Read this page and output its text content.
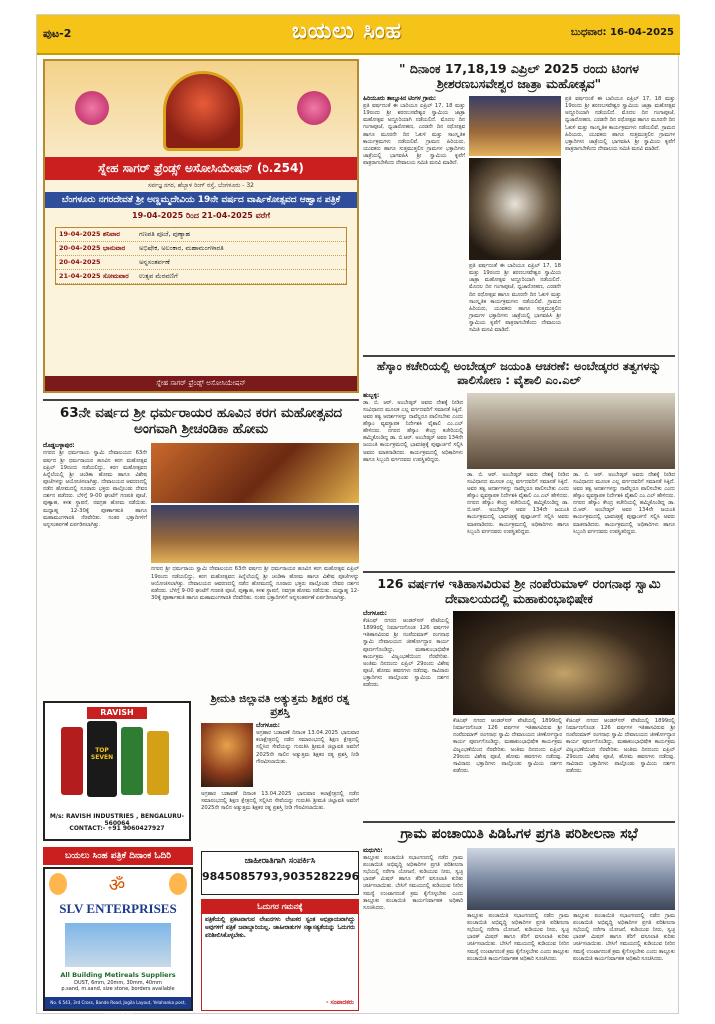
ಪುಟ-2	ಬಯಲು ಸಿಂಹ	ಬುಧವಾರ: 16-04-2025
ಸ್ನೇಹ ಸಾಗರ್ ಫ್ರೆಂಡ್ಸ್ ಅಸೋಸಿಯೇಷನ್ (ರಿ.254)
ಸರ್ವಜ್ಞ ನಗರ, ಹೆಬ್ಬಾಳ ರಿಂಗ್ ರಸ್ತೆ, ಬೆಂಗಳೂರು - 32
ಬೆಂಗಳೂರು ನಗರದೇವತೆ ಶ್ರೀ ಅಣ್ಣಮ್ಮದೇವಿಯ 19ನೇ ವರ್ಷದ ವಾರ್ಷಿಕೋತ್ಸವದ ಆಹ್ವಾನ ಪತ್ರಿಕೆ
19-04-2025 ರಿಂದ 21-04-2025 ವರೆಗೆ
19-04-2025 ಶನಿವಾರ	ಗಣಪತಿ ಪೂಜೆ, ಪುಣ್ಯಾಹ
20-04-2025 ಭಾನುವಾರ	ಅಭಿಷೇಕ, ಅಲಂಕಾರ, ಮಹಾಮಂಗಳಾರತಿ
20-04-2025	ಅನ್ನಸಂತರ್ಪಣೆ
21-04-2025 ಸೋಮವಾರ	ಉತ್ಸವ ಮೆರವಣಿಗೆ
ಸ್ನೇಹ ಸಾಗರ್ ಫ್ರೆಂಡ್ಸ್ ಅಸೋಸಿಯೇಷನ್
63ನೇ ವರ್ಷದ ಶ್ರೀ ಧರ್ಮರಾಯರ ಹೂವಿನ ಕರಗ ಮಹೋತ್ಸವದ ಅಂಗವಾಗಿ ಶ್ರೀಚಂಡಿಕಾ ಹೋಮ
ದೊಡ್ಡಬಳ್ಳಾಪುರ:
ನಗರದ ಶ್ರೀ ಧರ್ಮರಾಯ ಸ್ವಾಮಿ ದೇವಾಲಯದ 63ನೇ ವರ್ಷದ ಶ್ರೀ ಧರ್ಮರಾಯರ ಹೂವಿನ ಕರಗ ಮಹೋತ್ಸವ ಏಪ್ರಿಲ್ 19ರಂದು ನಡೆಯಲಿದ್ದು, ಕರಗ ಮಹೋತ್ಸವದ ಹಿನ್ನೆಲೆಯಲ್ಲಿ ಶ್ರೀ ಚಂಡಿಕಾ ಹೋಮ ಹಾಗೂ ವಿಶೇಷ ಪೂಜೆಗಳನ್ನು ಆಯೋಜಿಸಲಾಗಿತ್ತು. ದೇವಾಲಯದ ಆವರಣದಲ್ಲಿ ನಡೆದ ಹೋಮದಲ್ಲಿ ನೂರಾರು ಭಕ್ತರು ಪಾಲ್ಗೊಂಡು ದೇವರ ದರ್ಶನ ಪಡೆದರು. ಬೆಳಿಗ್ಗೆ 9-00 ಘಂಟೆಗೆ ಗಣಪತಿ ಪೂಜೆ, ಪುಣ್ಯಾಹ, ಕಳಶ ಸ್ಥಾಪನೆ, ನವಗ್ರಹ ಹೋಮ ನಡೆಯಿತು. ಮಧ್ಯಾಹ್ನ 12-30ಕ್ಕೆ ಪೂರ್ಣಾಹುತಿ ಹಾಗೂ ಮಹಾಮಂಗಳಾರತಿ ನೆರವೇರಿತು. ನಂತರ ಭಕ್ತಾದಿಗಳಿಗೆ ಅನ್ನಸಂತರ್ಪಣೆ ಏರ್ಪಡಿಸಲಾಗಿತ್ತು.
ನಗರದ ಶ್ರೀ ಧರ್ಮರಾಯ ಸ್ವಾಮಿ ದೇವಾಲಯದ 63ನೇ ವರ್ಷದ ಶ್ರೀ ಧರ್ಮರಾಯರ ಹೂವಿನ ಕರಗ ಮಹೋತ್ಸವ ಏಪ್ರಿಲ್ 19ರಂದು ನಡೆಯಲಿದ್ದು, ಕರಗ ಮಹೋತ್ಸವದ ಹಿನ್ನೆಲೆಯಲ್ಲಿ ಶ್ರೀ ಚಂಡಿಕಾ ಹೋಮ ಹಾಗೂ ವಿಶೇಷ ಪೂಜೆಗಳನ್ನು ಆಯೋಜಿಸಲಾಗಿತ್ತು. ದೇವಾಲಯದ ಆವರಣದಲ್ಲಿ ನಡೆದ ಹೋಮದಲ್ಲಿ ನೂರಾರು ಭಕ್ತರು ಪಾಲ್ಗೊಂಡು ದೇವರ ದರ್ಶನ ಪಡೆದರು. ಬೆಳಿಗ್ಗೆ 9-00 ಘಂಟೆಗೆ ಗಣಪತಿ ಪೂಜೆ, ಪುಣ್ಯಾಹ, ಕಳಶ ಸ್ಥಾಪನೆ, ನವಗ್ರಹ ಹೋಮ ನಡೆಯಿತು. ಮಧ್ಯಾಹ್ನ 12-30ಕ್ಕೆ ಪೂರ್ಣಾಹುತಿ ಹಾಗೂ ಮಹಾಮಂಗಳಾರತಿ ನೆರವೇರಿತು. ನಂತರ ಭಕ್ತಾದಿಗಳಿಗೆ ಅನ್ನಸಂತರ್ಪಣೆ ಏರ್ಪಡಿಸಲಾಗಿತ್ತು.
" ದಿನಾಂಕ 17,18,19 ಎಪ್ರಿಲ್ 2025 ರಂದು ಟಿಂಗಳ ಶ್ರೀಶರಣಬಸವೇಶ್ವರ ಜಾತ್ರಾ ಮಹೋತ್ಸವ"
ಹಿರಿಯೂರು ತಾಲ್ಲೂಕಿನ ಟಿಂಗಳ ಗ್ರಾಮ:
ಪ್ರತಿ ವರ್ಷದಂತೆ ಈ ಬಾರಿಯೂ ಏಪ್ರಿಲ್ 17, 18 ಮತ್ತು 19ರಂದು ಶ್ರೀ ಶರಣಬಸವೇಶ್ವರ ಸ್ವಾಮಿಯ ಜಾತ್ರಾ ಮಹೋತ್ಸವ ಅದ್ದೂರಿಯಾಗಿ ನಡೆಯಲಿದೆ. ಮೊದಲ ದಿನ ಗಂಗಾಪೂಜೆ, ಧ್ವಜಾರೋಹಣ, ಎರಡನೇ ದಿನ ರಥೋತ್ಸವ ಹಾಗೂ ಮೂರನೇ ದಿನ ಓಕುಳಿ ಮತ್ತು ಸಾಂಸ್ಕೃತಿಕ ಕಾರ್ಯಕ್ರಮಗಳು ನಡೆಯಲಿವೆ. ಗ್ರಾಮದ ಹಿರಿಯರು, ಯುವಕರು ಹಾಗೂ ಸುತ್ತಮುತ್ತಲಿನ ಗ್ರಾಮಗಳ ಭಕ್ತಾದಿಗಳು ಜಾತ್ರೆಯಲ್ಲಿ ಭಾಗವಹಿಸಿ ಶ್ರೀ ಸ್ವಾಮಿಯ ಕೃಪೆಗೆ ಪಾತ್ರರಾಗಬೇಕೆಂದು ದೇವಾಲಯ ಸಮಿತಿ ಮನವಿ ಮಾಡಿದೆ.
ಪ್ರತಿ ವರ್ಷದಂತೆ ಈ ಬಾರಿಯೂ ಏಪ್ರಿಲ್ 17, 18 ಮತ್ತು 19ರಂದು ಶ್ರೀ ಶರಣಬಸವೇಶ್ವರ ಸ್ವಾಮಿಯ ಜಾತ್ರಾ ಮಹೋತ್ಸವ ಅದ್ದೂರಿಯಾಗಿ ನಡೆಯಲಿದೆ. ಮೊದಲ ದಿನ ಗಂಗಾಪೂಜೆ, ಧ್ವಜಾರೋಹಣ, ಎರಡನೇ ದಿನ ರಥೋತ್ಸವ ಹಾಗೂ ಮೂರನೇ ದಿನ ಓಕುಳಿ ಮತ್ತು ಸಾಂಸ್ಕೃತಿಕ ಕಾರ್ಯಕ್ರಮಗಳು ನಡೆಯಲಿವೆ. ಗ್ರಾಮದ ಹಿರಿಯರು, ಯುವಕರು ಹಾಗೂ ಸುತ್ತಮುತ್ತಲಿನ ಗ್ರಾಮಗಳ ಭಕ್ತಾದಿಗಳು ಜಾತ್ರೆಯಲ್ಲಿ ಭಾಗವಹಿಸಿ ಶ್ರೀ ಸ್ವಾಮಿಯ ಕೃಪೆಗೆ ಪಾತ್ರರಾಗಬೇಕೆಂದು ದೇವಾಲಯ ಸಮಿತಿ ಮನವಿ ಮಾಡಿದೆ.
ಪ್ರತಿ ವರ್ಷದಂತೆ ಈ ಬಾರಿಯೂ ಏಪ್ರಿಲ್ 17, 18 ಮತ್ತು 19ರಂದು ಶ್ರೀ ಶರಣಬಸವೇಶ್ವರ ಸ್ವಾಮಿಯ ಜಾತ್ರಾ ಮಹೋತ್ಸವ ಅದ್ದೂರಿಯಾಗಿ ನಡೆಯಲಿದೆ. ಮೊದಲ ದಿನ ಗಂಗಾಪೂಜೆ, ಧ್ವಜಾರೋಹಣ, ಎರಡನೇ ದಿನ ರಥೋತ್ಸವ ಹಾಗೂ ಮೂರನೇ ದಿನ ಓಕುಳಿ ಮತ್ತು ಸಾಂಸ್ಕೃತಿಕ ಕಾರ್ಯಕ್ರಮಗಳು ನಡೆಯಲಿವೆ. ಗ್ರಾಮದ ಹಿರಿಯರು, ಯುವಕರು ಹಾಗೂ ಸುತ್ತಮುತ್ತಲಿನ ಗ್ರಾಮಗಳ ಭಕ್ತಾದಿಗಳು ಜಾತ್ರೆಯಲ್ಲಿ ಭಾಗವಹಿಸಿ ಶ್ರೀ ಸ್ವಾಮಿಯ ಕೃಪೆಗೆ ಪಾತ್ರರಾಗಬೇಕೆಂದು ದೇವಾಲಯ ಸಮಿತಿ ಮನವಿ ಮಾಡಿದೆ.
ಹೆಸ್ಕಾಂ ಕಚೇರಿಯಲ್ಲಿ ಅಂಬೇಡ್ಕರ್ ಜಯಂತಿ ಆಚರಣೆ: ಅಂಬೇಡ್ಕರರ ತತ್ವಗಳನ್ನು ಪಾಲಿಸೋಣ : ವೈಶಾಲಿ ಎಂ.ಎಲ್
ಹುಬ್ಬಳ್ಳಿ:
ಡಾ. ಬಿ. ಆರ್. ಅಂಬೇಡ್ಕರ್ ಅವರು ದೇಶಕ್ಕೆ ನೀಡಿದ ಸಂವಿಧಾನದ ಮೂಲಕ ಎಲ್ಲ ವರ್ಗದವರಿಗೆ ಸಮಾನತೆ ಸಿಕ್ಕಿದೆ. ಅವರ ತತ್ವ ಆದರ್ಶಗಳನ್ನು ನಾವೆಲ್ಲರೂ ಪಾಲಿಸಬೇಕು ಎಂದು ಹೆಸ್ಕಾಂ ವ್ಯವಸ್ಥಾಪಕ ನಿರ್ದೇಶಕಿ ವೈಶಾಲಿ ಎಂ.ಎಲ್ ಹೇಳಿದರು. ನಗರದ ಹೆಸ್ಕಾಂ ಕೇಂದ್ರ ಕಚೇರಿಯಲ್ಲಿ ಹಮ್ಮಿಕೊಂಡಿದ್ದ ಡಾ. ಬಿ.ಆರ್. ಅಂಬೇಡ್ಕರ್ ಅವರ 134ನೇ ಜಯಂತಿ ಕಾರ್ಯಕ್ರಮದಲ್ಲಿ ಭಾವಚಿತ್ರಕ್ಕೆ ಪುಷ್ಪಾರ್ಚನೆ ಸಲ್ಲಿಸಿ ಅವರು ಮಾತನಾಡಿದರು. ಕಾರ್ಯಕ್ರಮದಲ್ಲಿ ಅಧಿಕಾರಿಗಳು ಹಾಗೂ ಸಿಬ್ಬಂದಿ ವರ್ಗದವರು ಉಪಸ್ಥಿತರಿದ್ದರು.
ಡಾ. ಬಿ. ಆರ್. ಅಂಬೇಡ್ಕರ್ ಅವರು ದೇಶಕ್ಕೆ ನೀಡಿದ ಸಂವಿಧಾನದ ಮೂಲಕ ಎಲ್ಲ ವರ್ಗದವರಿಗೆ ಸಮಾನತೆ ಸಿಕ್ಕಿದೆ. ಅವರ ತತ್ವ ಆದರ್ಶಗಳನ್ನು ನಾವೆಲ್ಲರೂ ಪಾಲಿಸಬೇಕು ಎಂದು ಹೆಸ್ಕಾಂ ವ್ಯವಸ್ಥಾಪಕ ನಿರ್ದೇಶಕಿ ವೈಶಾಲಿ ಎಂ.ಎಲ್ ಹೇಳಿದರು. ನಗರದ ಹೆಸ್ಕಾಂ ಕೇಂದ್ರ ಕಚೇರಿಯಲ್ಲಿ ಹಮ್ಮಿಕೊಂಡಿದ್ದ ಡಾ. ಬಿ.ಆರ್. ಅಂಬೇಡ್ಕರ್ ಅವರ 134ನೇ ಜಯಂತಿ ಕಾರ್ಯಕ್ರಮದಲ್ಲಿ ಭಾವಚಿತ್ರಕ್ಕೆ ಪುಷ್ಪಾರ್ಚನೆ ಸಲ್ಲಿಸಿ ಅವರು ಮಾತನಾಡಿದರು. ಕಾರ್ಯಕ್ರಮದಲ್ಲಿ ಅಧಿಕಾರಿಗಳು ಹಾಗೂ ಸಿಬ್ಬಂದಿ ವರ್ಗದವರು ಉಪಸ್ಥಿತರಿದ್ದರು.
ಡಾ. ಬಿ. ಆರ್. ಅಂಬೇಡ್ಕರ್ ಅವರು ದೇಶಕ್ಕೆ ನೀಡಿದ ಸಂವಿಧಾನದ ಮೂಲಕ ಎಲ್ಲ ವರ್ಗದವರಿಗೆ ಸಮಾನತೆ ಸಿಕ್ಕಿದೆ. ಅವರ ತತ್ವ ಆದರ್ಶಗಳನ್ನು ನಾವೆಲ್ಲರೂ ಪಾಲಿಸಬೇಕು ಎಂದು ಹೆಸ್ಕಾಂ ವ್ಯವಸ್ಥಾಪಕ ನಿರ್ದೇಶಕಿ ವೈಶಾಲಿ ಎಂ.ಎಲ್ ಹೇಳಿದರು. ನಗರದ ಹೆಸ್ಕಾಂ ಕೇಂದ್ರ ಕಚೇರಿಯಲ್ಲಿ ಹಮ್ಮಿಕೊಂಡಿದ್ದ ಡಾ. ಬಿ.ಆರ್. ಅಂಬೇಡ್ಕರ್ ಅವರ 134ನೇ ಜಯಂತಿ ಕಾರ್ಯಕ್ರಮದಲ್ಲಿ ಭಾವಚಿತ್ರಕ್ಕೆ ಪುಷ್ಪಾರ್ಚನೆ ಸಲ್ಲಿಸಿ ಅವರು ಮಾತನಾಡಿದರು. ಕಾರ್ಯಕ್ರಮದಲ್ಲಿ ಅಧಿಕಾರಿಗಳು ಹಾಗೂ ಸಿಬ್ಬಂದಿ ವರ್ಗದವರು ಉಪಸ್ಥಿತರಿದ್ದರು.
126 ವರ್ಷಗಳ ಇತಿಹಾಸವಿರುವ ಶ್ರೀ ನಂಪೆರುಮಾಳ್ ರಂಗನಾಥ ಸ್ವಾಮಿ ದೇವಾಲಯದಲ್ಲಿ ಮಹಾಕುಂಭಾಭಿಷೇಕ
ಬೆಂಗಳೂರು:
ಕೆಜಿಎಫ್ ನಗರದ ಆಂಡರ್‌ಸನ್ ಪೇಟೆಯಲ್ಲಿ 1899ರಲ್ಲಿ ನಿರ್ಮಾಣಗೊಂಡ 126 ವರ್ಷಗಳ ಇತಿಹಾಸವಿರುವ ಶ್ರೀ ನಂಪೆರುಮಾಳ್ ರಂಗನಾಥ ಸ್ವಾಮಿ ದೇವಾಲಯದ ಜೀರ್ಣೋದ್ಧಾರ ಕಾರ್ಯ ಪೂರ್ಣಗೊಂಡಿದ್ದು, ಮಹಾಕುಂಭಾಭಿಷೇಕ ಕಾರ್ಯಕ್ರಮ ವಿಜೃಂಭಣೆಯಿಂದ ನೆರವೇರಿತು. ಅಂತಿಮ ದಿನದಂದು ಏಪ್ರಿಲ್ 29ರಂದು ವಿಶೇಷ ಪೂಜೆ, ಹೋಮ ಹವನಗಳು ನಡೆದವು. ಸಾವಿರಾರು ಭಕ್ತಾದಿಗಳು ಪಾಲ್ಗೊಂಡು ಸ್ವಾಮಿಯ ದರ್ಶನ ಪಡೆದರು.
ಕೆಜಿಎಫ್ ನಗರದ ಆಂಡರ್‌ಸನ್ ಪೇಟೆಯಲ್ಲಿ 1899ರಲ್ಲಿ ನಿರ್ಮಾಣಗೊಂಡ 126 ವರ್ಷಗಳ ಇತಿಹಾಸವಿರುವ ಶ್ರೀ ನಂಪೆರುಮಾಳ್ ರಂಗನಾಥ ಸ್ವಾಮಿ ದೇವಾಲಯದ ಜೀರ್ಣೋದ್ಧಾರ ಕಾರ್ಯ ಪೂರ್ಣಗೊಂಡಿದ್ದು, ಮಹಾಕುಂಭಾಭಿಷೇಕ ಕಾರ್ಯಕ್ರಮ ವಿಜೃಂಭಣೆಯಿಂದ ನೆರವೇರಿತು. ಅಂತಿಮ ದಿನದಂದು ಏಪ್ರಿಲ್ 29ರಂದು ವಿಶೇಷ ಪೂಜೆ, ಹೋಮ ಹವನಗಳು ನಡೆದವು. ಸಾವಿರಾರು ಭಕ್ತಾದಿಗಳು ಪಾಲ್ಗೊಂಡು ಸ್ವಾಮಿಯ ದರ್ಶನ ಪಡೆದರು.
ಕೆಜಿಎಫ್ ನಗರದ ಆಂಡರ್‌ಸನ್ ಪೇಟೆಯಲ್ಲಿ 1899ರಲ್ಲಿ ನಿರ್ಮಾಣಗೊಂಡ 126 ವರ್ಷಗಳ ಇತಿಹಾಸವಿರುವ ಶ್ರೀ ನಂಪೆರುಮಾಳ್ ರಂಗನಾಥ ಸ್ವಾಮಿ ದೇವಾಲಯದ ಜೀರ್ಣೋದ್ಧಾರ ಕಾರ್ಯ ಪೂರ್ಣಗೊಂಡಿದ್ದು, ಮಹಾಕುಂಭಾಭಿಷೇಕ ಕಾರ್ಯಕ್ರಮ ವಿಜೃಂಭಣೆಯಿಂದ ನೆರವೇರಿತು. ಅಂತಿಮ ದಿನದಂದು ಏಪ್ರಿಲ್ 29ರಂದು ವಿಶೇಷ ಪೂಜೆ, ಹೋಮ ಹವನಗಳು ನಡೆದವು. ಸಾವಿರಾರು ಭಕ್ತಾದಿಗಳು ಪಾಲ್ಗೊಂಡು ಸ್ವಾಮಿಯ ದರ್ಶನ ಪಡೆದರು.
ಶ್ರೀಮತಿ ಜಿಲ್ಲಾವತಿ ಅತ್ಯುತ್ತಮ ಶಿಕ್ಷಕರ ರತ್ನ ಪ್ರಶಸ್ತಿ
ಬೆಂಗಳೂರು:
ಅಗ್ರಹಾರ ಬಡಾವಣೆ ದಿನಾಂಕ 13.04.2025 ಭಾನುವಾರ ಕಲಾಕ್ಷೇತ್ರದಲ್ಲಿ ನಡೆದ ಸಮಾರಂಭದಲ್ಲಿ ಶಿಕ್ಷಣ ಕ್ಷೇತ್ರದಲ್ಲಿ ಸಲ್ಲಿಸಿದ ಸೇವೆಯನ್ನು ಗುರುತಿಸಿ ಶ್ರೀಮತಿ ಜಿಲ್ಲಾವತಿ ಅವರಿಗೆ 2025ನೇ ಸಾಲಿನ ಅತ್ಯುತ್ತಮ ಶಿಕ್ಷಕರ ರತ್ನ ಪ್ರಶಸ್ತಿ ನೀಡಿ ಗೌರವಿಸಲಾಯಿತು.
ಅಗ್ರಹಾರ ಬಡಾವಣೆ ದಿನಾಂಕ 13.04.2025 ಭಾನುವಾರ ಕಲಾಕ್ಷೇತ್ರದಲ್ಲಿ ನಡೆದ ಸಮಾರಂಭದಲ್ಲಿ ಶಿಕ್ಷಣ ಕ್ಷೇತ್ರದಲ್ಲಿ ಸಲ್ಲಿಸಿದ ಸೇವೆಯನ್ನು ಗುರುತಿಸಿ ಶ್ರೀಮತಿ ಜಿಲ್ಲಾವತಿ ಅವರಿಗೆ 2025ನೇ ಸಾಲಿನ ಅತ್ಯುತ್ತಮ ಶಿಕ್ಷಕರ ರತ್ನ ಪ್ರಶಸ್ತಿ ನೀಡಿ ಗೌರವಿಸಲಾಯಿತು.
RAVISH
TOP SEVEN
M/s: RAVISH INDUSTRIES , BENGALURU-560064
CONTACT:- +91 9060427927
ಬಯಲು ಸಿಂಹ ಪತ್ರಿಕೆ ದಿನಾಂಕ ಓದಿರಿ
ॐ
SLV ENTERPRISES
All Building Metireals Suppliers
DUST, 6mm, 20mm, 30mm, 40mm
p.sand, m.sand, size stone, borders available
No. 6 543, 3rd Cross, Bande Road, Jogila Layout, Yelahanka post, Bangalore-64
ಜಾಹೀರಾತಿಗಾಗಿ ಸಂಪರ್ಕಿಸಿ
9845085793,9035282296
ಓದುಗರ ಗಮನಕ್ಕೆ
ಪತ್ರಿಕೆಯಲ್ಲಿ ಪ್ರಕಟವಾಗುವ ಲೇಖನಗಳು ಲೇಖಕರ ಸ್ವಂತ ಅಭಿಪ್ರಾಯವಾಗಿದ್ದು ಅವುಗಳಿಗೆ ಪತ್ರಿಕೆ ಜವಾಬ್ದಾರಿಯಲ್ಲ. ಜಾಹೀರಾತುಗಳ ಸತ್ಯಾಸತ್ಯತೆಯನ್ನು ಓದುಗರು ಪರಿಶೀಲಿಸಿಕೊಳ್ಳಬೇಕು.
- ಸಂಪಾದಕರು
ಗ್ರಾಮ ಪಂಚಾಯಿತಿ ಪಿಡಿಓಗಳ ಪ್ರಗತಿ ಪರಿಶೀಲನಾ ಸಭೆ
ಮಧುಗಿರಿ:
ತಾಲ್ಲೂಕು ಪಂಚಾಯಿತಿ ಸಭಾಂಗಣದಲ್ಲಿ ನಡೆದ ಗ್ರಾಮ ಪಂಚಾಯಿತಿ ಅಭಿವೃದ್ಧಿ ಅಧಿಕಾರಿಗಳ ಪ್ರಗತಿ ಪರಿಶೀಲನಾ ಸಭೆಯಲ್ಲಿ ನರೇಗಾ ಯೋಜನೆ, ಕುಡಿಯುವ ನೀರು, ಸ್ವಚ್ಛ ಭಾರತ್ ಮಿಷನ್ ಹಾಗೂ ತೆರಿಗೆ ವಸೂಲಾತಿ ಕುರಿತು ಚರ್ಚಿಸಲಾಯಿತು. ಬೇಸಿಗೆ ಸಮಯದಲ್ಲಿ ಕುಡಿಯುವ ನೀರಿನ ಸಮಸ್ಯೆ ಉಂಟಾಗದಂತೆ ಕ್ರಮ ಕೈಗೊಳ್ಳಬೇಕು ಎಂದು ತಾಲ್ಲೂಕು ಪಂಚಾಯಿತಿ ಕಾರ್ಯನಿರ್ವಾಹಕ ಅಧಿಕಾರಿ ಸೂಚಿಸಿದರು.
ತಾಲ್ಲೂಕು ಪಂಚಾಯಿತಿ ಸಭಾಂಗಣದಲ್ಲಿ ನಡೆದ ಗ್ರಾಮ ಪಂಚಾಯಿತಿ ಅಭಿವೃದ್ಧಿ ಅಧಿಕಾರಿಗಳ ಪ್ರಗತಿ ಪರಿಶೀಲನಾ ಸಭೆಯಲ್ಲಿ ನರೇಗಾ ಯೋಜನೆ, ಕುಡಿಯುವ ನೀರು, ಸ್ವಚ್ಛ ಭಾರತ್ ಮಿಷನ್ ಹಾಗೂ ತೆರಿಗೆ ವಸೂಲಾತಿ ಕುರಿತು ಚರ್ಚಿಸಲಾಯಿತು. ಬೇಸಿಗೆ ಸಮಯದಲ್ಲಿ ಕುಡಿಯುವ ನೀರಿನ ಸಮಸ್ಯೆ ಉಂಟಾಗದಂತೆ ಕ್ರಮ ಕೈಗೊಳ್ಳಬೇಕು ಎಂದು ತಾಲ್ಲೂಕು ಪಂಚಾಯಿತಿ ಕಾರ್ಯನಿರ್ವಾಹಕ ಅಧಿಕಾರಿ ಸೂಚಿಸಿದರು.
ತಾಲ್ಲೂಕು ಪಂಚಾಯಿತಿ ಸಭಾಂಗಣದಲ್ಲಿ ನಡೆದ ಗ್ರಾಮ ಪಂಚಾಯಿತಿ ಅಭಿವೃದ್ಧಿ ಅಧಿಕಾರಿಗಳ ಪ್ರಗತಿ ಪರಿಶೀಲನಾ ಸಭೆಯಲ್ಲಿ ನರೇಗಾ ಯೋಜನೆ, ಕುಡಿಯುವ ನೀರು, ಸ್ವಚ್ಛ ಭಾರತ್ ಮಿಷನ್ ಹಾಗೂ ತೆರಿಗೆ ವಸೂಲಾತಿ ಕುರಿತು ಚರ್ಚಿಸಲಾಯಿತು. ಬೇಸಿಗೆ ಸಮಯದಲ್ಲಿ ಕುಡಿಯುವ ನೀರಿನ ಸಮಸ್ಯೆ ಉಂಟಾಗದಂತೆ ಕ್ರಮ ಕೈಗೊಳ್ಳಬೇಕು ಎಂದು ತಾಲ್ಲೂಕು ಪಂಚಾಯಿತಿ ಕಾರ್ಯನಿರ್ವಾಹಕ ಅಧಿಕಾರಿ ಸೂಚಿಸಿದರು.
